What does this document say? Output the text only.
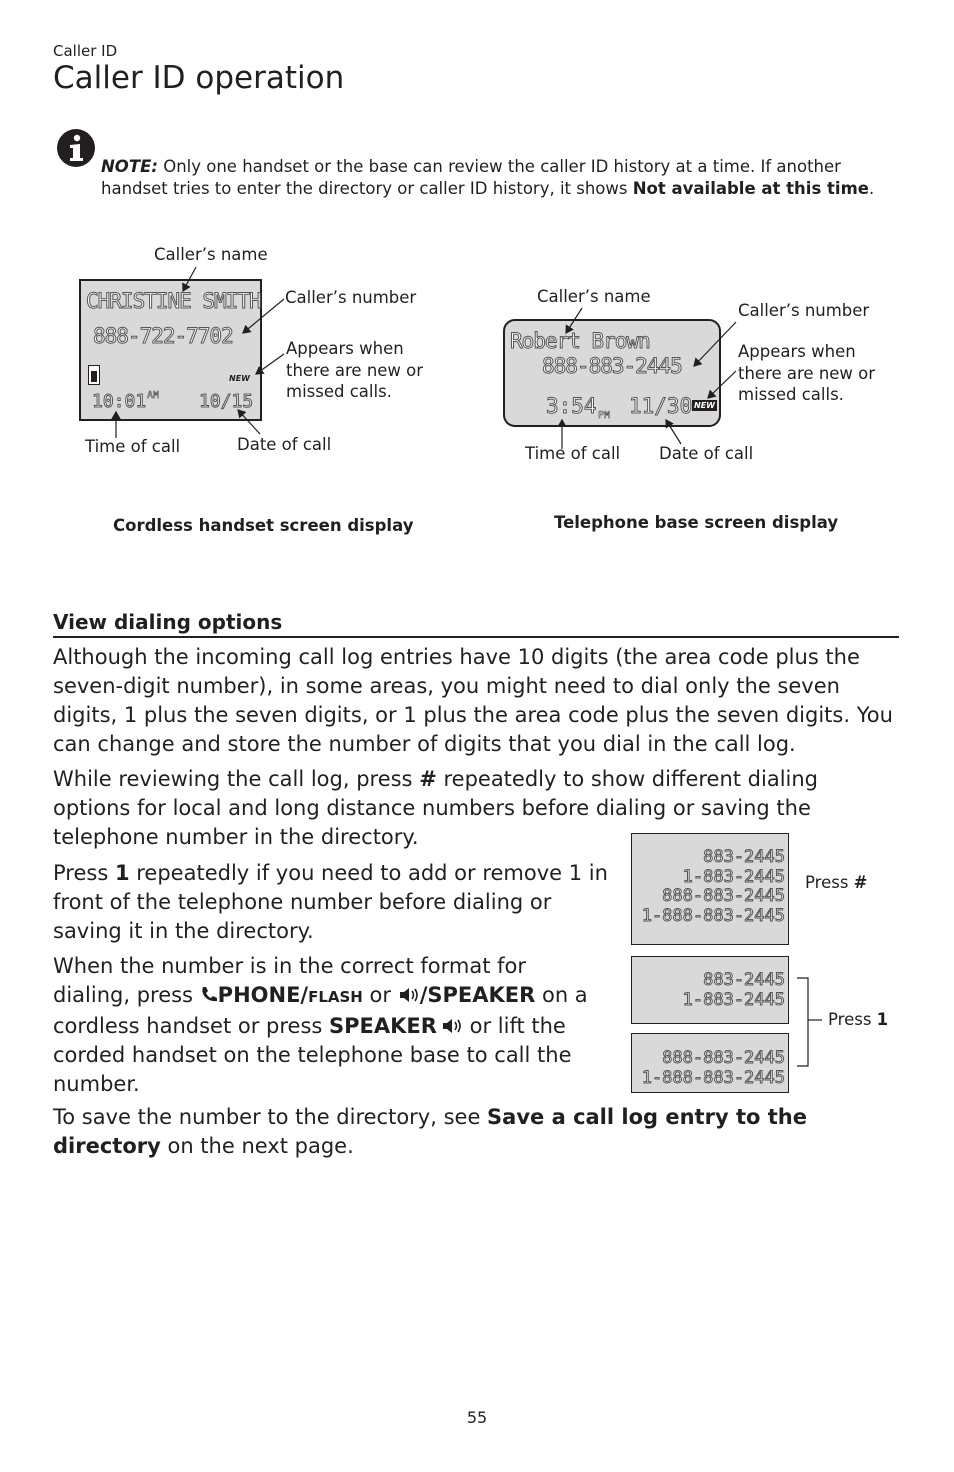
Caller ID
Caller ID operation
NOTE: Only one handset or the base can review the caller ID history at a time. If another handset tries to enter the directory or caller ID history, it shows Not available at this time.
Caller’s name
CHRISTINE SMITH
888-722-7702
NEW
10:01 AM 10/15
Caller’s number
Appears when there are new or missed calls.
Time of call	Date of call
Cordless handset screen display
Caller’s name
Caller’s number
Robert Brown
888-883-2445
3:54 PM 11/30 NEW
Appears when there are new or missed calls.
Time of call Date of call
Telephone base screen display
View dialing options
Although the incoming call log entries have 10 digits (the area code plus the seven-digit number), in some areas, you might need to dial only the seven digits, 1 plus the seven digits, or 1 plus the area code plus the seven digits. You can change and store the number of digits that you dial in the call log.
While reviewing the call log, press # repeatedly to show different dialing options for local and long distance numbers before dialing or saving the telephone number in the directory.
Press 1 repeatedly if you need to add or remove 1 in front of the telephone number before dialing or saving it in the directory.
When the number is in the correct format for dialing, press PHONE/FLASH or /SPEAKER on a cordless handset or press SPEAKER or lift the corded handset on the telephone base to call the number.
To save the number to the directory, see Save a call log entry to the directory on the next page.
883-2445
1-883-2445
888-883-2445
1-888-883-2445
Press #
883-2445
1-883-2445
888-883-2445
1-888-883-2445
Press 1
55
